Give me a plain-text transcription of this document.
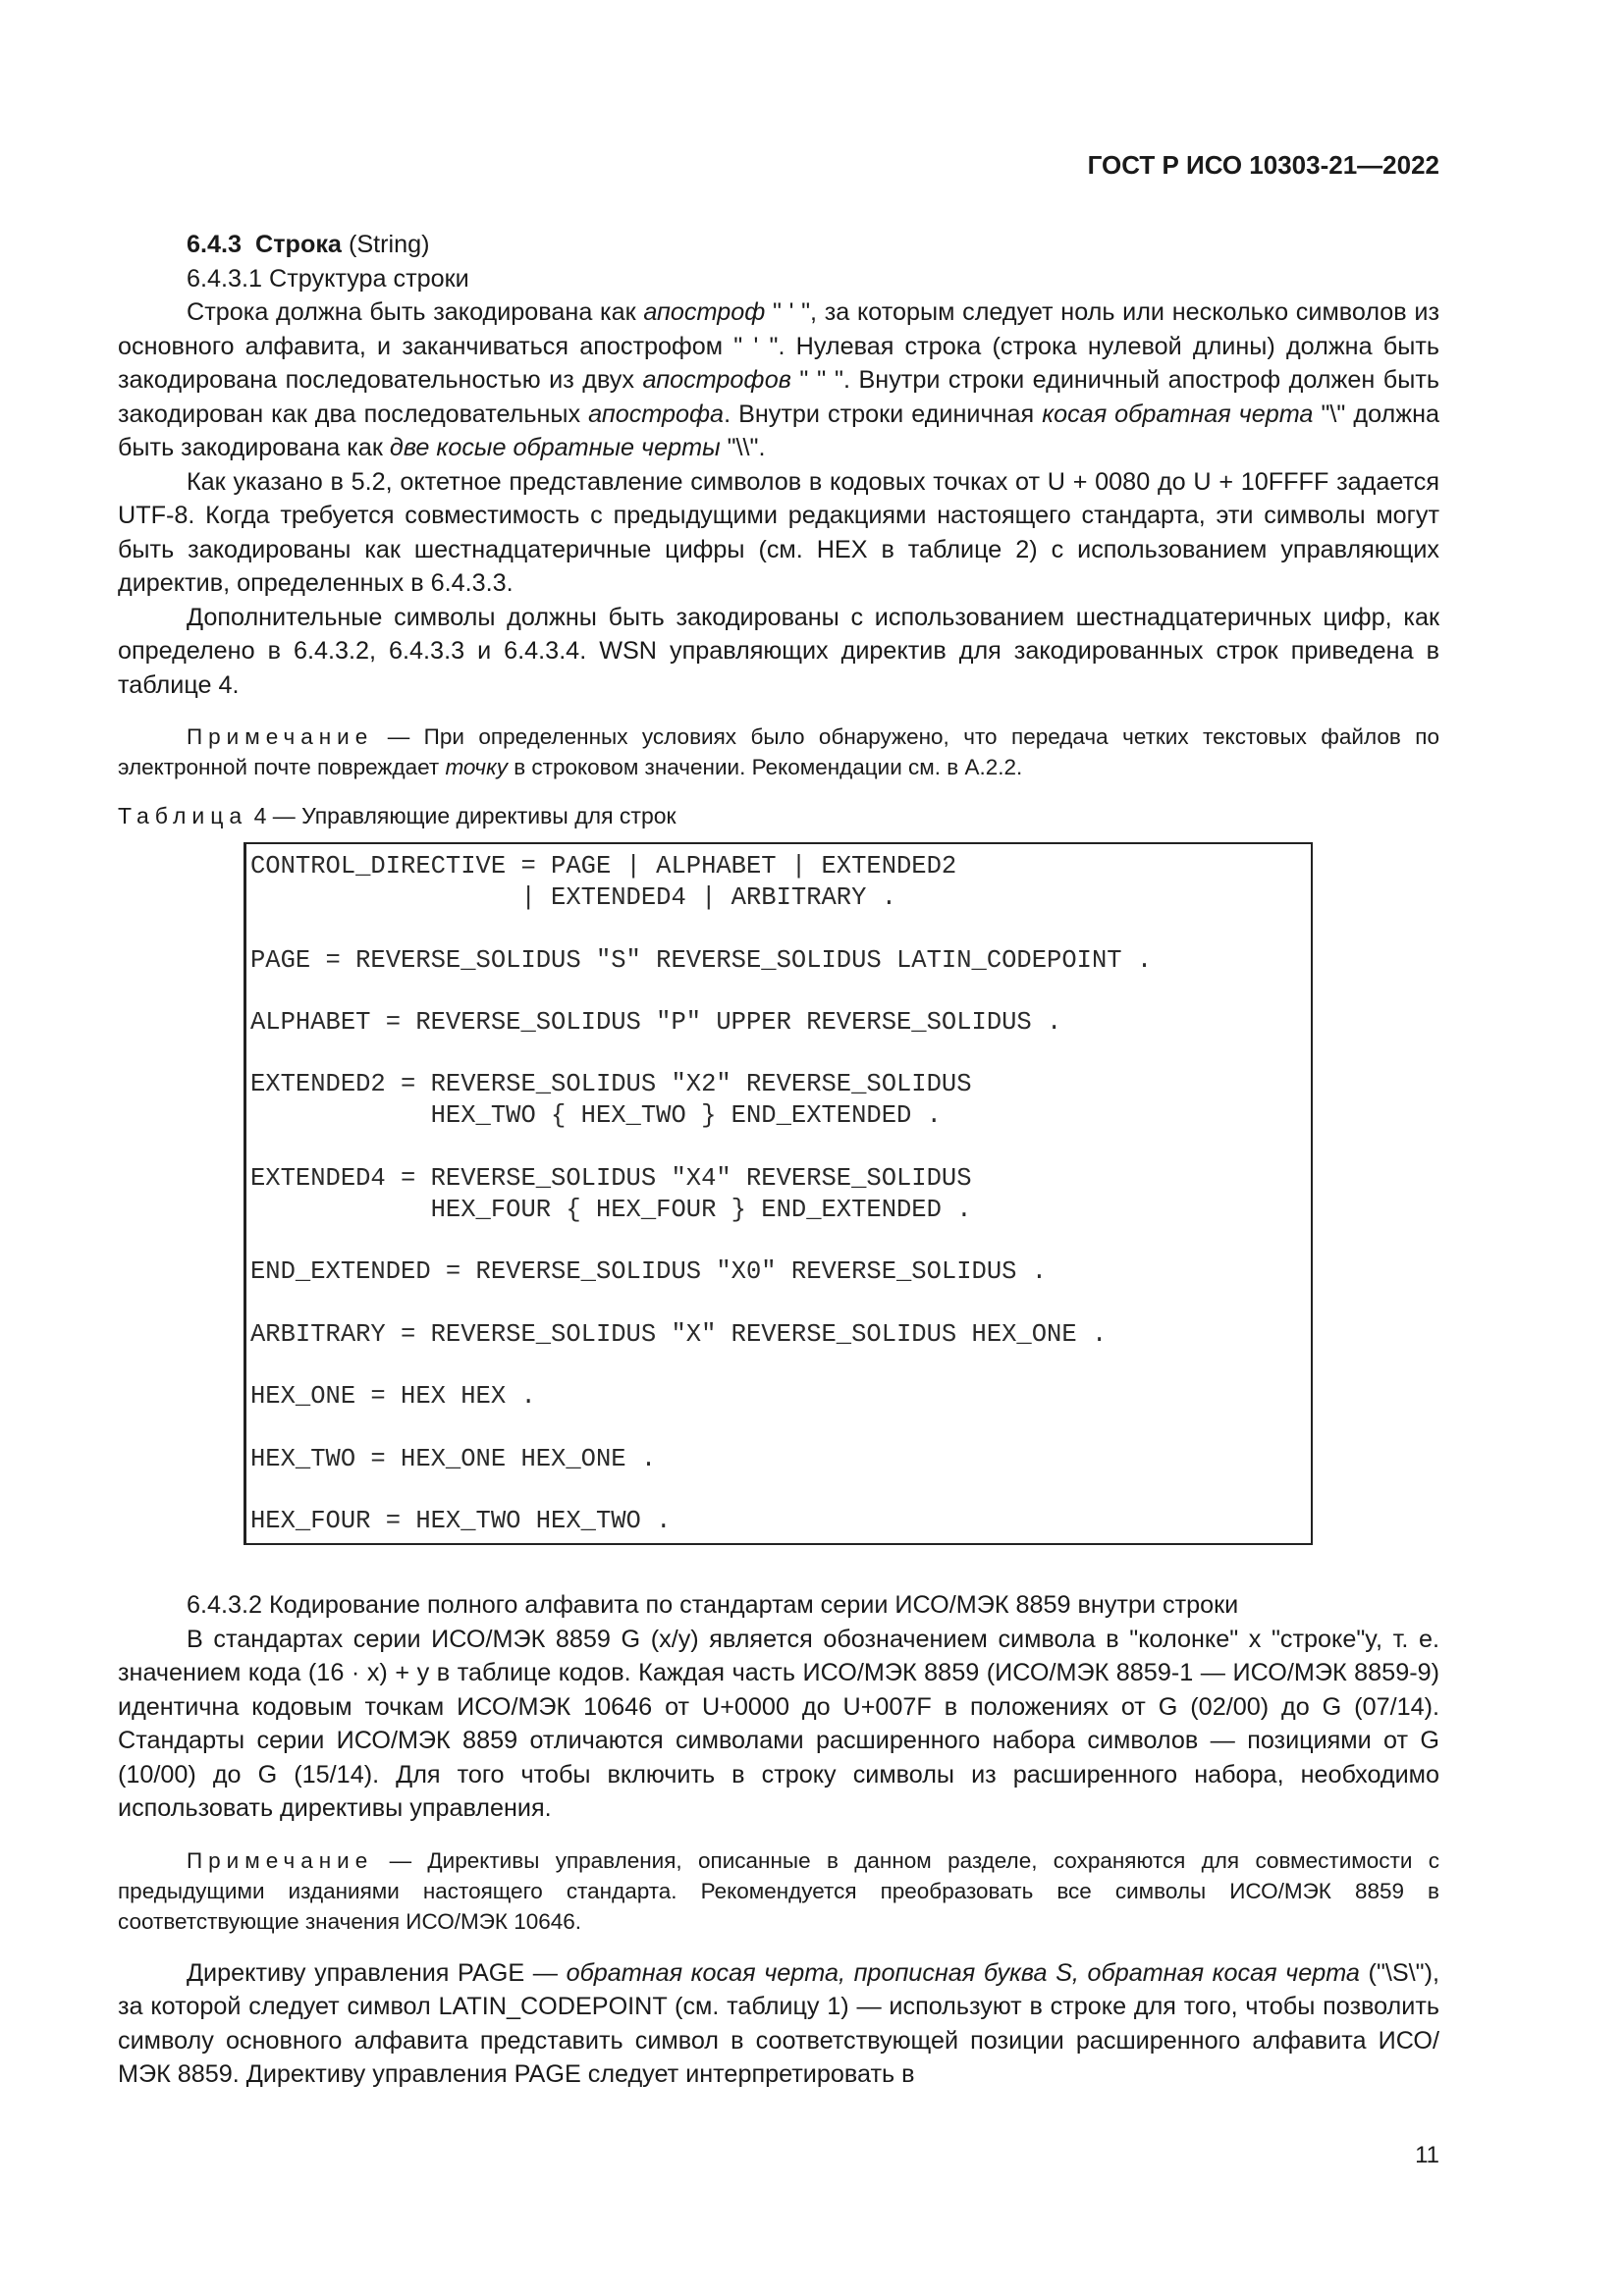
ГОСТ Р ИСО 10303-21—2022

6.4.3 Строка (String)

6.4.3.1 Структура строки

Строка должна быть закодирована как апостроф " ' ", за которым следует ноль или несколько символов из основного алфавита, и заканчиваться апострофом " ' ". Нулевая строка (строка нулевой длины) должна быть закодирована последовательностью из двух апострофов " '' ". Внутри строки единичный апостроф должен быть закодирован как два последовательных апострофа. Внутри строки единичная косая обратная черта "\" должна быть закодирована как две косые обратные черты "\\".

Как указано в 5.2, октетное представление символов в кодовых точках от U + 0080 до U + 10FFFF задается UTF-8. Когда требуется совместимость с предыдущими редакциями настоящего стандарта, эти символы могут быть закодированы как шестнадцатеричные цифры (см. HEX в таблице 2) с использованием управляющих директив, определенных в 6.4.3.3.

Дополнительные символы должны быть закодированы с использованием шестнадцатеричных цифр, как определено в 6.4.3.2, 6.4.3.3 и 6.4.3.4. WSN управляющих директив для закодированных строк приведена в таблице 4.

Примечание — При определенных условиях было обнаружено, что передача четких текстовых файлов по электронной почте повреждает точку в строковом значении. Рекомендации см. в А.2.2.

Таблица 4 — Управляющие директивы для строк
CONTROL_DIRECTIVE = PAGE | ALPHABET | EXTENDED2
| EXTENDED4 | ARBITRARY .
PAGE = REVERSE_SOLIDUS "S" REVERSE_SOLIDUS LATIN_CODEPOINT .
ALPHABET = REVERSE_SOLIDUS "P" UPPER REVERSE_SOLIDUS .
EXTENDED2 = REVERSE_SOLIDUS "X2" REVERSE_SOLIDUS
HEX_TWO { HEX_TWO } END_EXTENDED .
EXTENDED4 = REVERSE_SOLIDUS "X4" REVERSE_SOLIDUS
HEX_FOUR { HEX_FOUR } END_EXTENDED .
END_EXTENDED = REVERSE_SOLIDUS "X0" REVERSE_SOLIDUS .
ARBITRARY = REVERSE_SOLIDUS "X" REVERSE_SOLIDUS HEX_ONE .
HEX_ONE = HEX HEX .
HEX_TWO = HEX_ONE HEX_ONE .
HEX_FOUR = HEX_TWO HEX_TWO .

6.4.3.2 Кодирование полного алфавита по стандартам серии ИСО/МЭК 8859 внутри строки

В стандартах серии ИСО/МЭК 8859 G (x/y) является обозначением символа в "колонке" x "строке"y, т. е. значением кода (16 · x) + y в таблице кодов. Каждая часть ИСО/МЭК 8859 (ИСО/МЭК 8859-1 — ИСО/МЭК 8859-9) идентична кодовым точкам ИСО/МЭК 10646 от U+0000 до U+007F в положениях от G (02/00) до G (07/14). Стандарты серии ИСО/МЭК 8859 отличаются символами расширенного набора символов — позициями от G (10/00) до G (15/14). Для того чтобы включить в строку символы из расширенного набора, необходимо использовать директивы управления.

Примечание — Директивы управления, описанные в данном разделе, сохраняются для совместимости с предыдущими изданиями настоящего стандарта. Рекомендуется преобразовать все символы ИСО/МЭК 8859 в соответствующие значения ИСО/МЭК 10646.

Директиву управления PAGE — обратная косая черта, прописная буква S, обратная косая черта ("\S\"), за которой следует символ LATIN_CODEPOINT (см. таблицу 1) — используют в строке для того, чтобы позволить символу основного алфавита представить символ в соответствующей позиции расширенного алфавита ИСО/МЭК 8859. Директиву управления PAGE следует интерпретировать в

11
